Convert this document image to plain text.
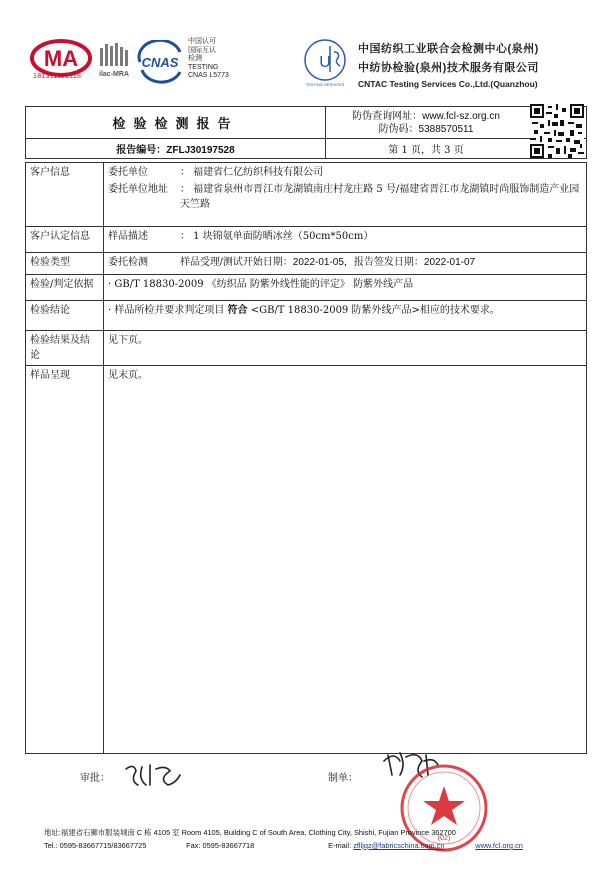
MA
181311110118	ilac-MRA
CNAS
中国认可
国际互认
检测
TESTING
CNAS L5773
U
TESTING SERVICES
中国纺织工业联合会检测中心(泉州)
中纺协检验(泉州)技术服务有限公司
CNTAC Testing Services Co.,Ltd.(Quanzhou)
检验检测报告	防伪查询网址：www.fcl-sz.org.cn
防伪码：5388570511

报告编号：ZFLJ30197528	第 1 页，共 3 页
客户信息	委托单位 ： 福建省仁亿纺织科技有限公司
委托单位地址 ： 福建省泉州市晋江市龙湖镇南庄村龙庄路 5 号/福建省晋江市龙湖镇时尚服饰制造产业园天竺路

客户认定信息	样品描述 ： 1 块锦氨单面防晒冰丝（50cm*50cm）

检验类型	委托检测 样品受理/测试开始日期：2022-01-05，报告签发日期：2022-01-07

检验/判定依据	· GB/T 18830-2009 《纺织品 防紫外线性能的评定》 防紫外线产品
检验结论	· 样品所检并要求判定项目 符合 <GB/T 18830-2009 防紫外线产品>相应的技术要求。
检验结果及结论	见下页。
样品呈现	见末页。
审批：	制单：
(02)
地址:福建省石狮市服装城南 C 栋 4105 室 Room 4105, Building C of South Area, Clothing City, Shishi, Fujian Province 362700
Tel.: 0595-83667715/83667725	Fax: 0595-83667718	E-mail: zflljqz@fabricschina.com.cn	www.fcl.org.cn
